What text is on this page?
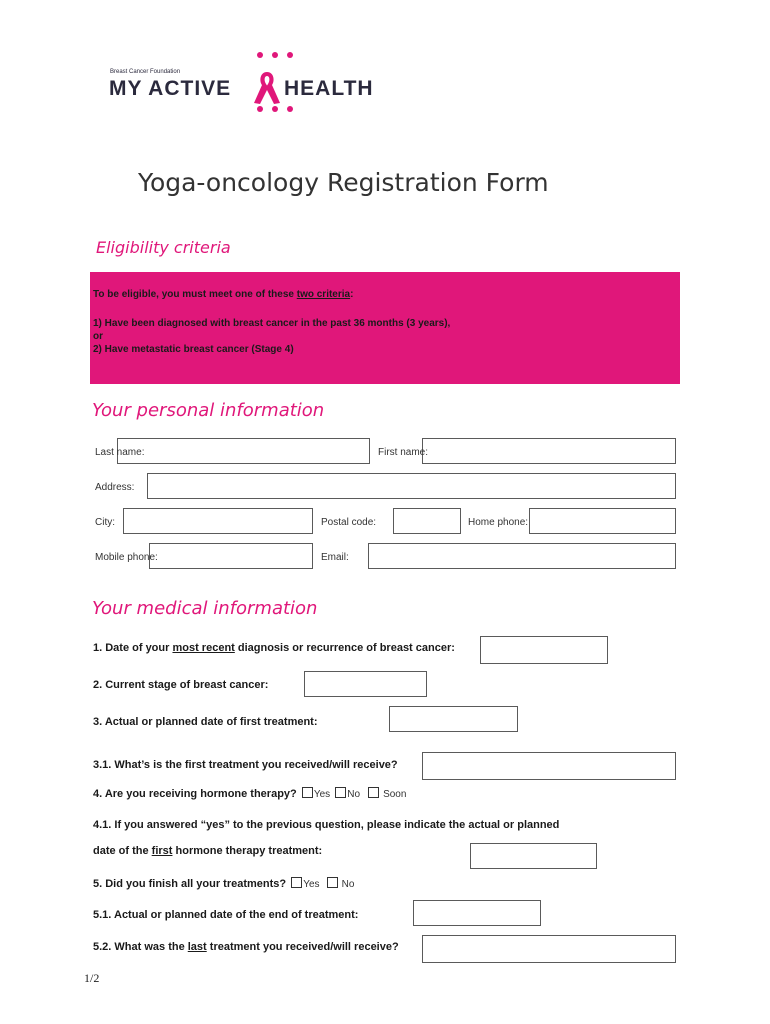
Breast Cancer Foundation
MY ACTIVE	HEALTH
Yoga-oncology Registration Form
Eligibility criteria
To be eligible, you must meet one of these two criteria:
1) Have been diagnosed with breast cancer in the past 36 months (3 years),
or
2) Have metastatic breast cancer (Stage 4)
Your personal information
Last name:	First name:
Address:
City:	Postal code:	Home phone:
Mobile phone:	Email:
Your medical information
1. Date of your most recent diagnosis or recurrence of breast cancer:
2. Current stage of breast cancer:
3. Actual or planned date of first treatment:
3.1. What’s is the first treatment you received/will receive?
4. Are you receiving hormone therapy? Yes No Soon
4.1. If you answered “yes” to the previous question, please indicate the actual or planned
date of the first hormone therapy treatment:
5. Did you finish all your treatments? Yes No
5.1. Actual or planned date of the end of treatment:
5.2. What was the last treatment you received/will receive?
1/2
